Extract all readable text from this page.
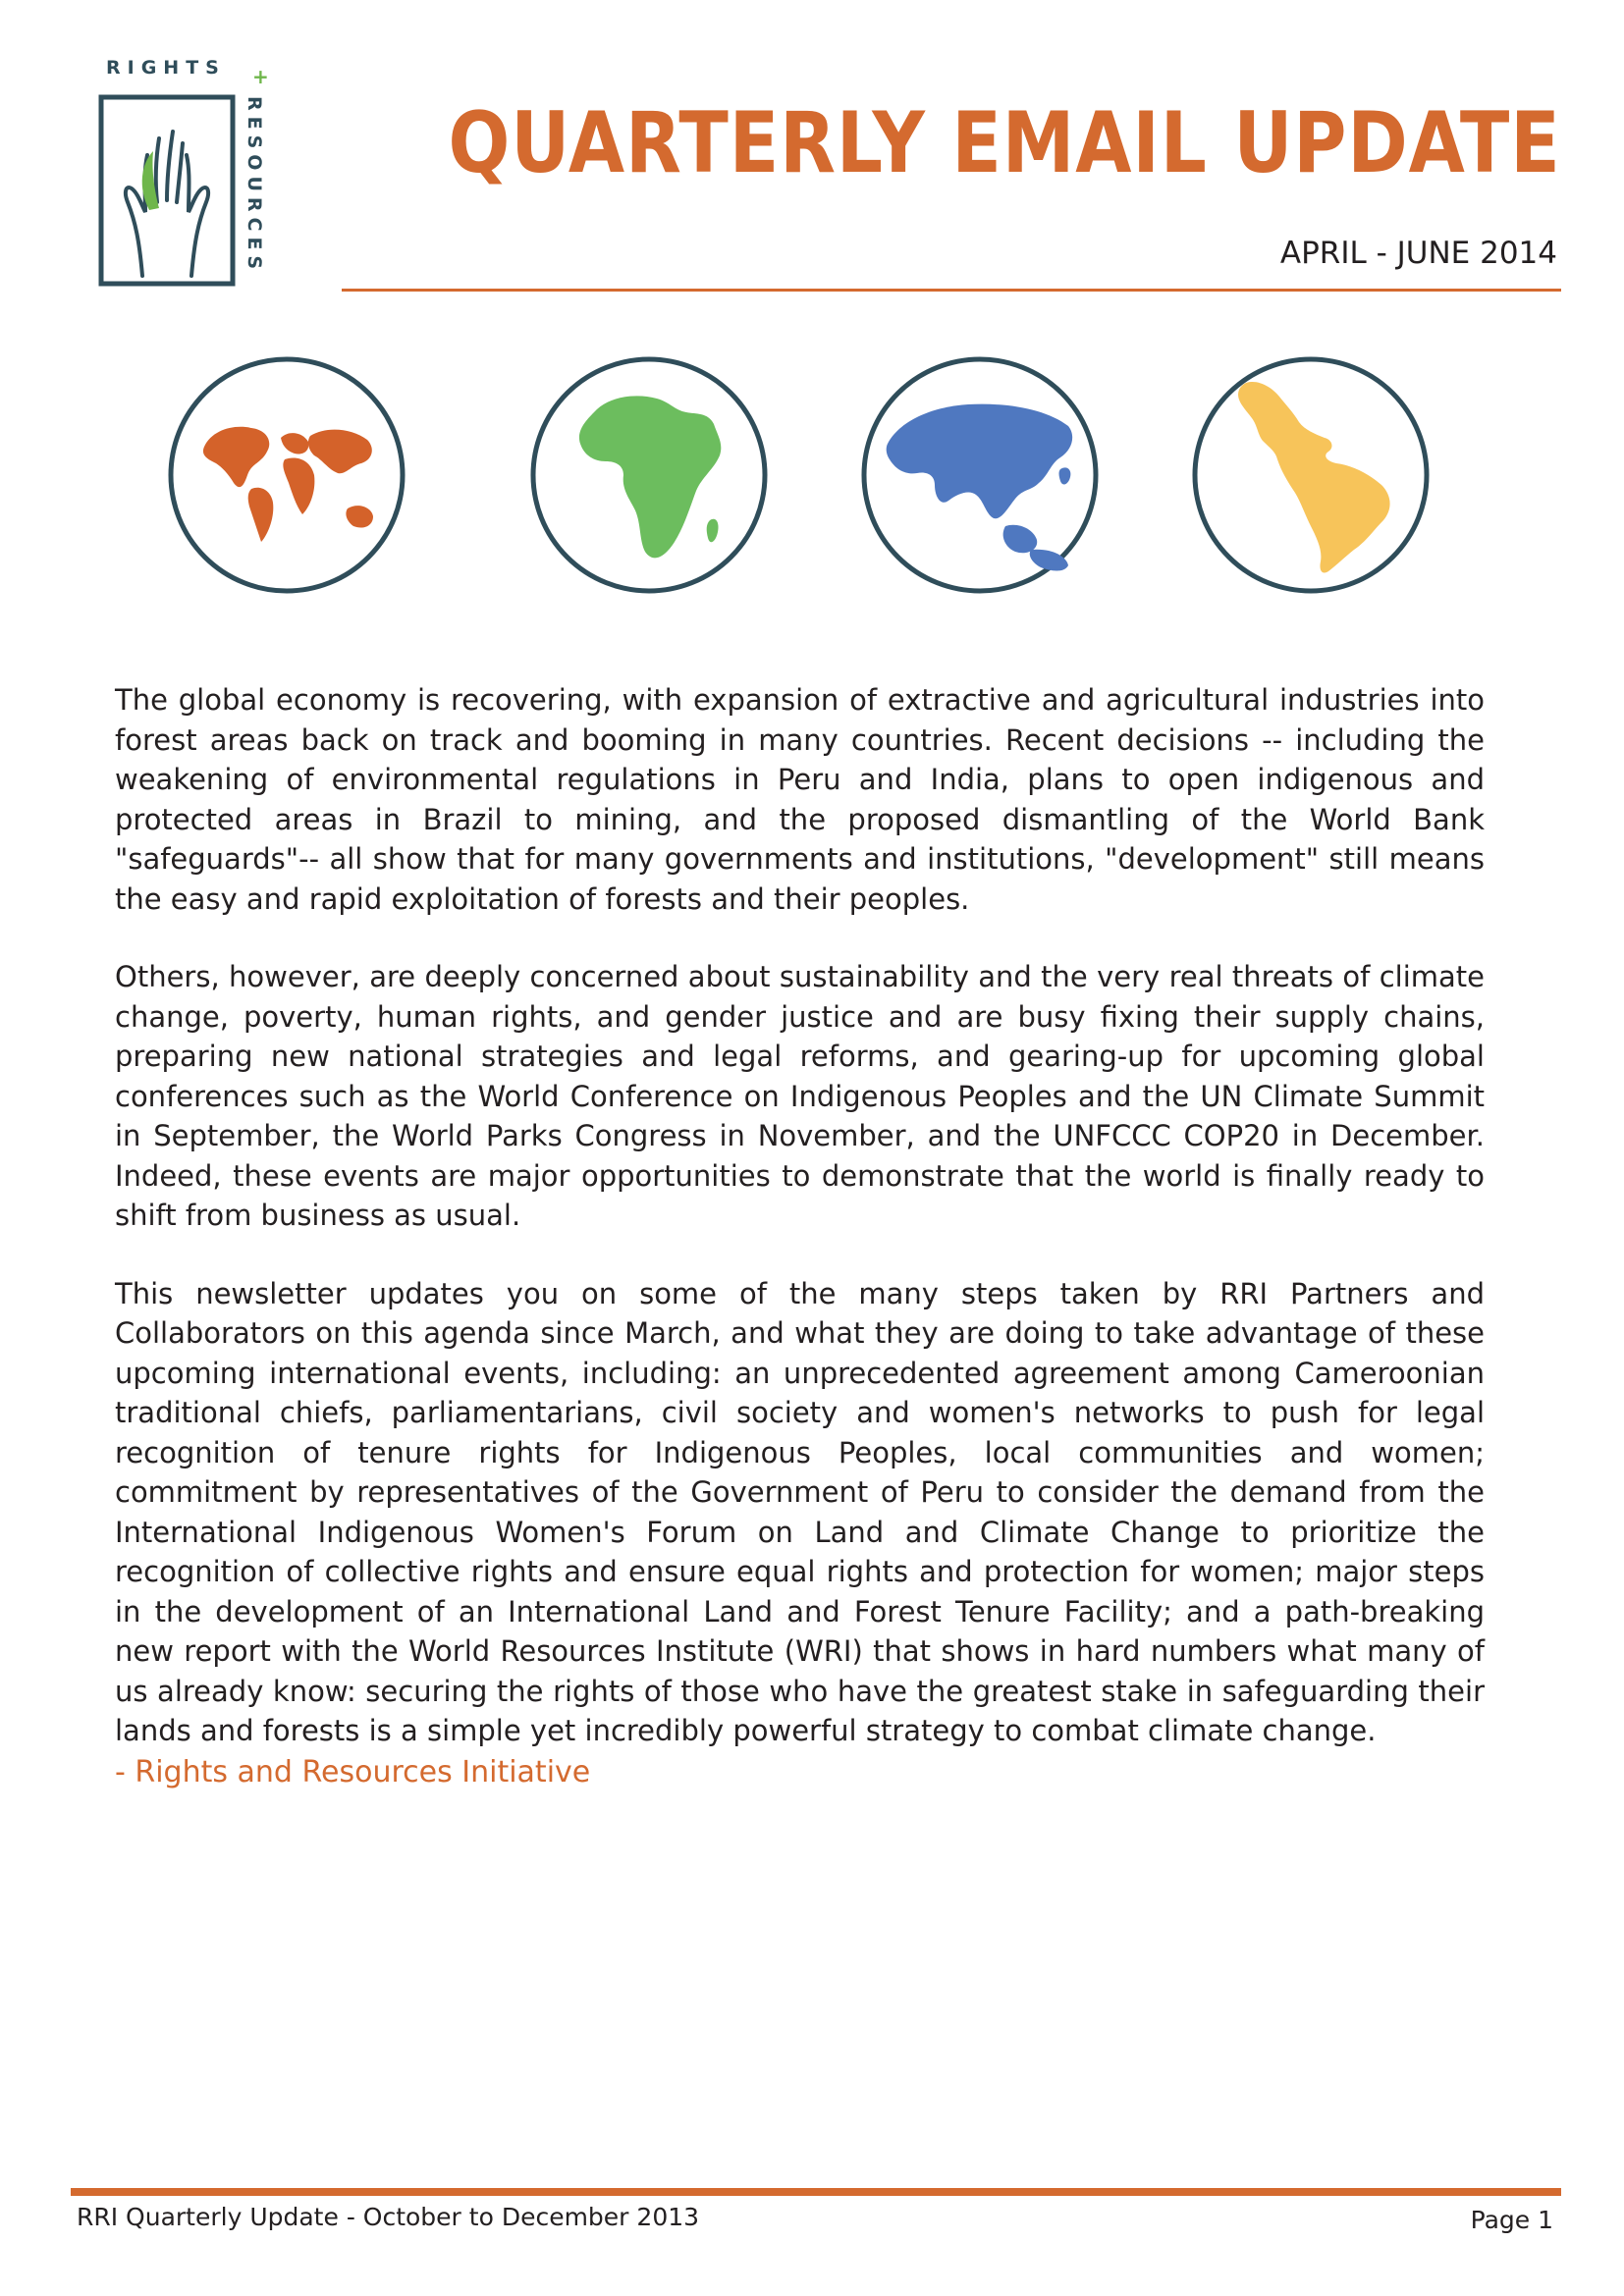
RIGHTS +
RESOURCES QUARTERLY EMAIL UPDATE
APRIL - JUNE 2014

The global economy is recovering, with expansion of extractive and agricultural industries into forest areas back on track and booming in many countries. Recent decisions -- including the weakening of environmental regulations in Peru and India, plans to open indigenous and protected areas in Brazil to mining, and the proposed dismantling of the World Bank "safeguards"-- all show that for many governments and institutions, "development" still means the easy and rapid exploitation of forests and their peoples.

Others, however, are deeply concerned about sustainability and the very real threats of climate change, poverty, human rights, and gender justice and are busy fixing their supply chains, preparing new national strategies and legal reforms, and gearing-up for upcoming global conferences such as the World Conference on Indigenous Peoples and the UN Climate Summit in September, the World Parks Congress in November, and the UNFCCC COP20 in December. Indeed, these events are major opportunities to demonstrate that the world is finally ready to shift from business as usual.

This newsletter updates you on some of the many steps taken by RRI Partners and Collaborators on this agenda since March, and what they are doing to take advantage of these upcoming international events, including: an unprecedented agreement among Cameroonian traditional chiefs, parliamentarians, civil society and women's networks to push for legal recognition of tenure rights for Indigenous Peoples, local communities and women; commitment by representatives of the Government of Peru to consider the demand from the International Indigenous Women's Forum on Land and Climate Change to prioritize the recognition of collective rights and ensure equal rights and protection for women; major steps in the development of an International Land and Forest Tenure Facility; and a path-breaking new report with the World Resources Institute (WRI) that shows in hard numbers what many of us already know: securing the rights of those who have the greatest stake in safeguarding their lands and forests is a simple yet incredibly powerful strategy to combat climate change.

- Rights and Resources Initiative
RRI Quarterly Update - October to December 2013	Page 1
